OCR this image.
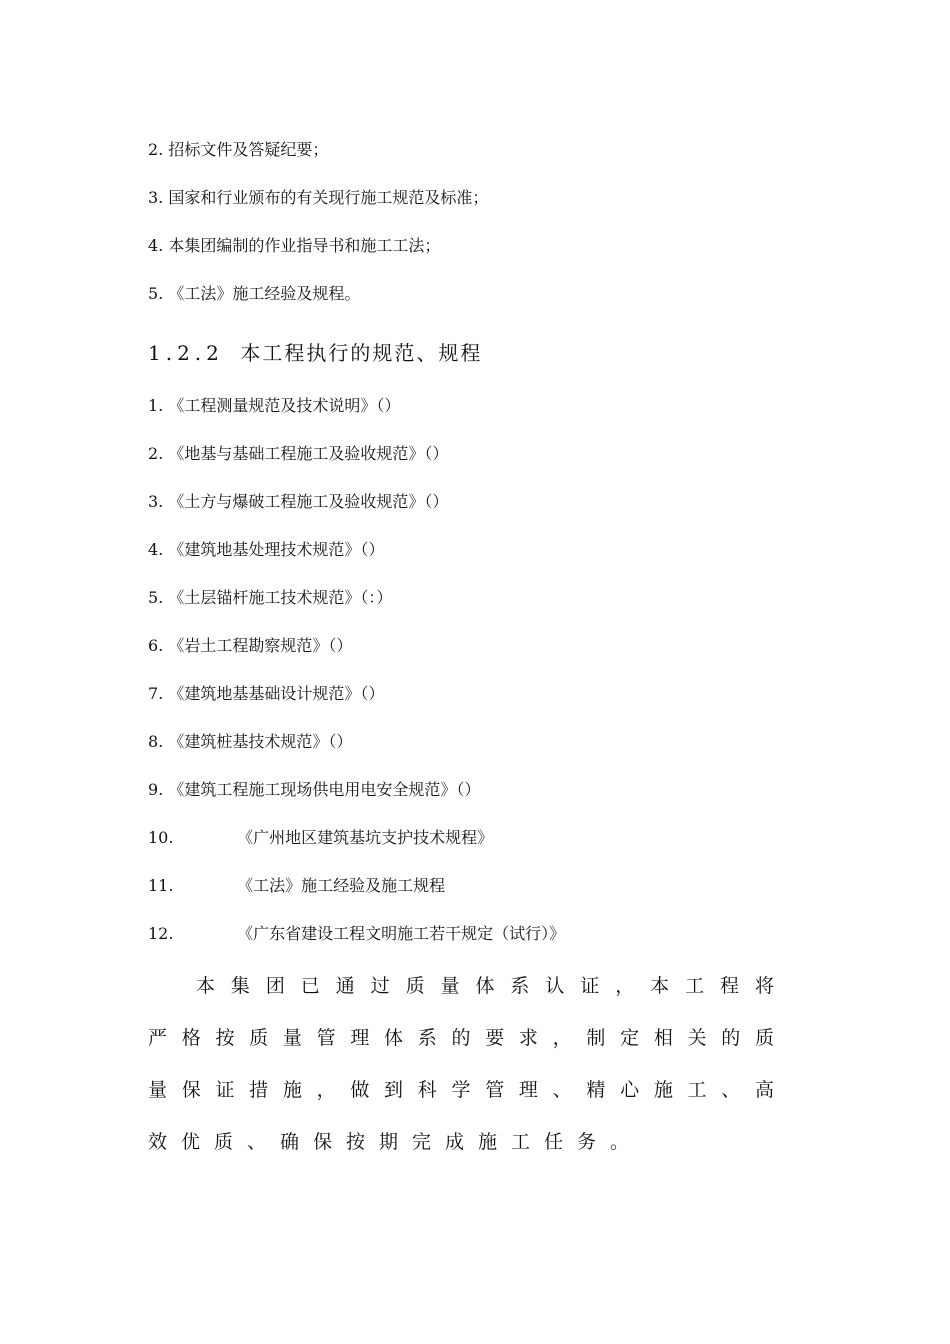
2. 招标文件及答疑纪要；
3. 国家和行业颁布的有关现行施工规范及标准；
4. 本集团编制的作业指导书和施工工法；
5. 《工法》施工经验及规程。
1.2.2 本工程执行的规范、规程
1. 《工程测量规范及技术说明》（）
2. 《地基与基础工程施工及验收规范》（）
3. 《土方与爆破工程施工及验收规范》（）
4. 《建筑地基处理技术规范》（）
5. 《土层锚杆施工技术规范》（：）
6. 《岩土工程勘察规范》（）
7. 《建筑地基基础设计规范》（）
8. 《建筑桩基技术规范》（）
9. 《建筑工程施工现场供电用电安全规范》（）
10.	《广州地区建筑基坑支护技术规程》
11.	《工法》施工经验及施工规程
12.	《广东省建设工程文明施工若干规定（试行）》
本集团已通过质量体系认证，本工程将严格按质量管理体系的要求，制定相关的质量保证措施，做到科学管理、精心施工、高效优质、确保按期完成施工任务。
